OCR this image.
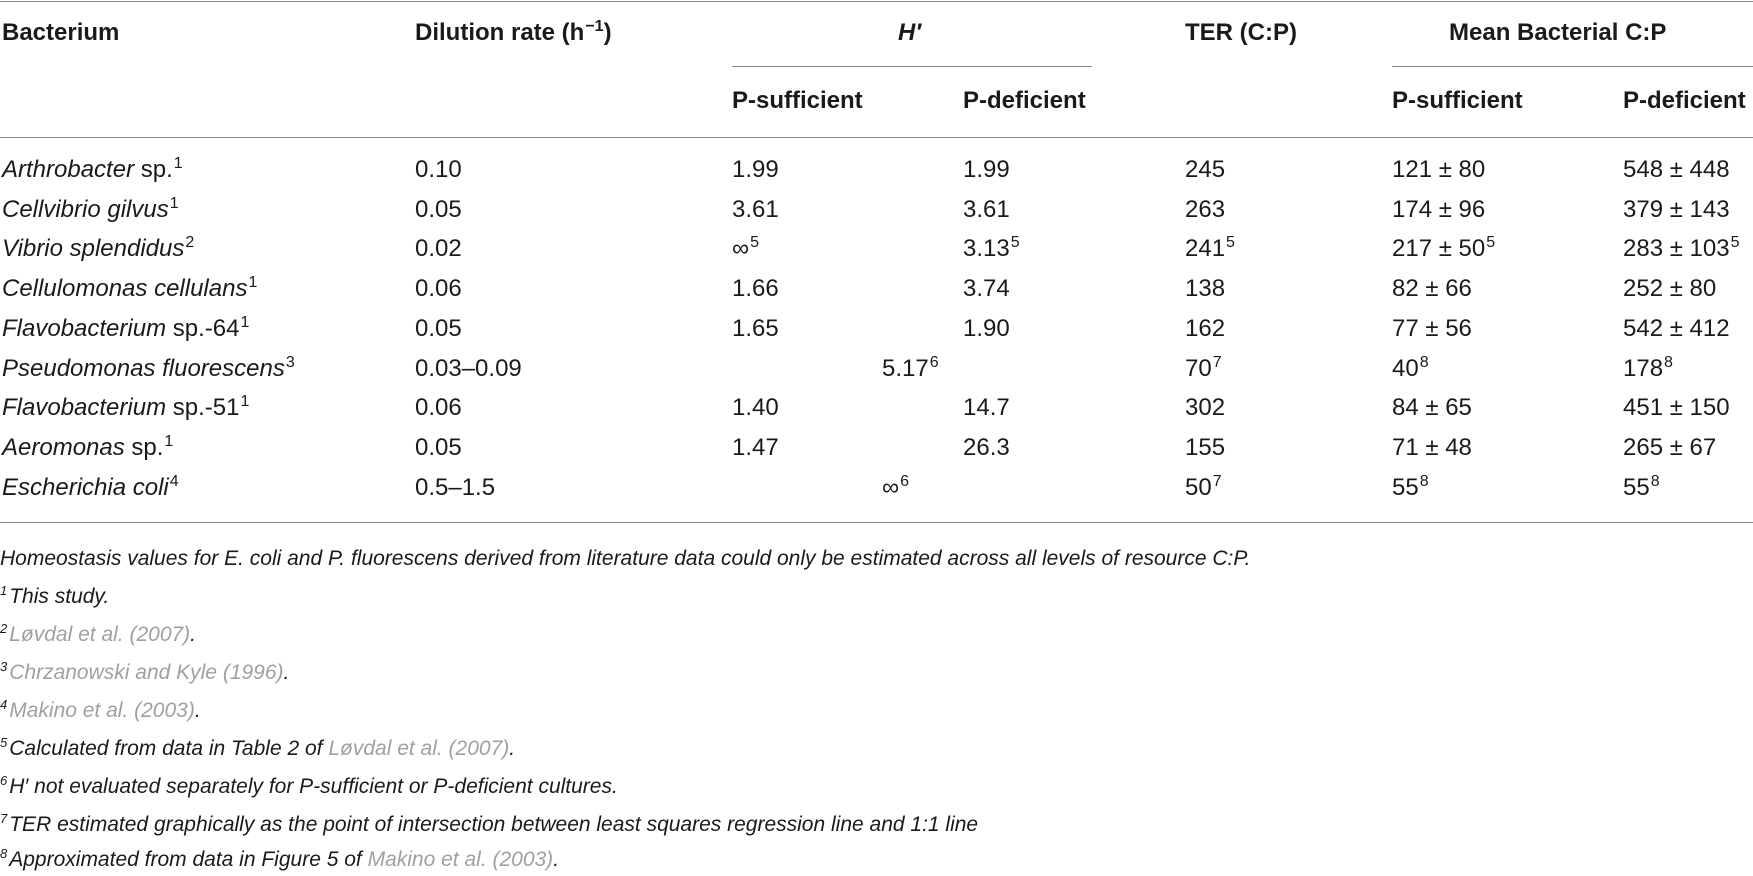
Bacterium	Dilution rate $(h^{-1})$	H′	TER (C:P)	Mean Bacterial C:P
P-sufficient	P-deficient	P-sufficient	P-deficient
Arthrobacter sp.$^1$	0.10	1.99	1.99	245	121 ± 80	548 ± 448
Cellvibrio gilvus$^1$	0.05	3.61	3.61	263	174 ± 96	379 ± 143
Vibrio splendidus$^2$	0.02	∞$^5$	3.13$^5$	$241^5$	$217 \pm 50^5$	$283 \pm 103^5$
Cellulomonas cellulans$^1$	0.06	1.66	3.74	138	82 ± 66	252 ± 80
Flavobacterium $sp.-64^1$	0.05	1.65	1.90	162	77 ± 56	542 ± 412
Pseudomonas fluorescens$^3$	0.03–0.09	5.17$^6$	$70^7$	$40^8$	$178^8$
Flavobacterium $sp.-51^1$	0.06	1.40	14.7	302	84 ± 65	451 ± 150
Aeromonas sp.$^1$	0.05	1.47	26.3	155	71 ± 48	265 ± 67
Escherichia coli$^4$	0.5–1.5	∞$^6$	$50^7$	$55^8$	$55^8$
Homeostasis values for E. coli and P. fluorescens derived from literature data could only be estimated across all levels of resource C:P.
$^1$This study.
$^2$Løvdal et al. (2007).
$^3$Chrzanowski and Kyle (1996).
$^4$Makino et al. (2003).
$^5$Calculated from data in Table 2 of Løvdal et al. (2007).
$^6$H′ not evaluated separately for P-sufficient or P-deficient cultures.
$^7$TER estimated graphically as the point of intersection between least squares regression line and 1:1 line
$^8$Approximated from data in Figure 5 of Makino et al. (2003).
